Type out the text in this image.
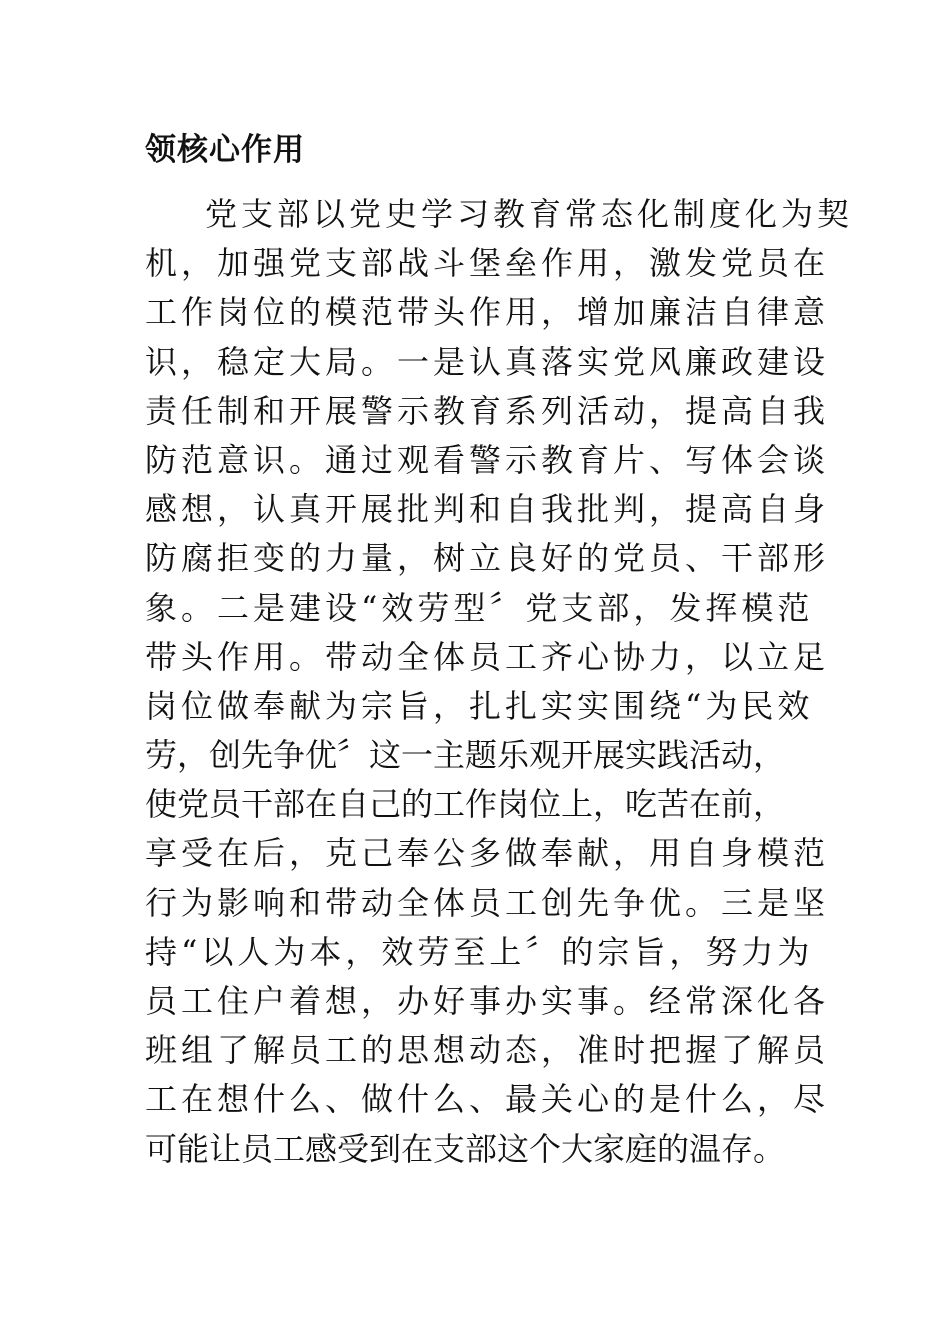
领核心作用
党支部以党史学习教育常态化制度化为契
机，加强党支部战斗堡垒作用，激发党员在
工作岗位的模范带头作用，增加廉洁自律意
识，稳定大局。一是认真落实党风廉政建设
责任制和开展警示教育系列活动，提高自我
防范意识。通过观看警示教育片、写体会谈
感想，认真开展批判和自我批判，提高自身
防腐拒变的力量，树立良好的党员、干部形
象。二是建设“效劳型〞党支部，发挥模范
带头作用。带动全体员工齐心协力，以立足
岗位做奉献为宗旨，扎扎实实围绕“为民效
劳，创先争优〞这一主题乐观开展实践活动，
使党员干部在自己的工作岗位上，吃苦在前，
享受在后，克己奉公多做奉献，用自身模范
行为影响和带动全体员工创先争优。三是坚
持“以人为本，效劳至上〞的宗旨，努力为
员工住户着想，办好事办实事。经常深化各
班组了解员工的思想动态，准时把握了解员
工在想什么、做什么、最关心的是什么，尽
可能让员工感受到在支部这个大家庭的温存。
